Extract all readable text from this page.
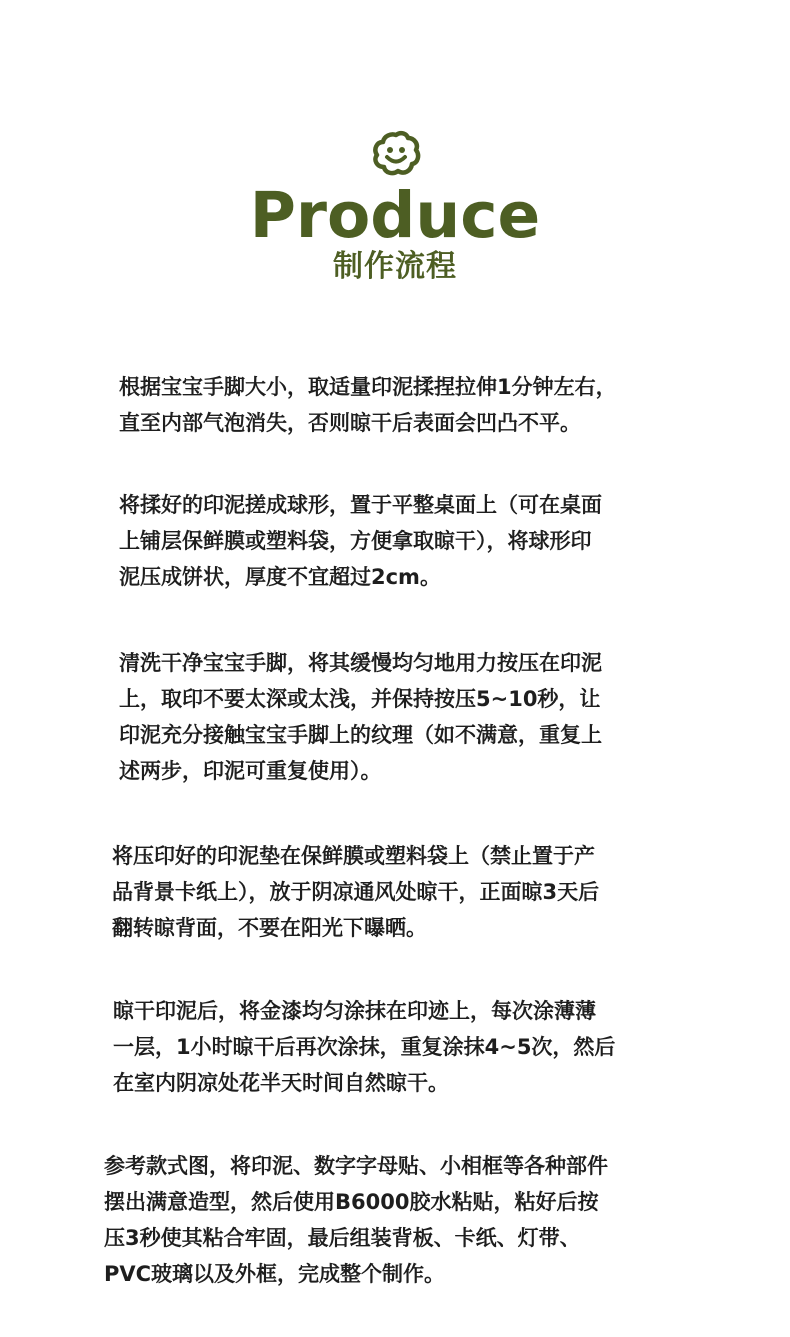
Produce
制作流程

根据宝宝手脚大小，取适量印泥揉捏拉伸1分钟左右，
直至内部气泡消失，否则晾干后表面会凹凸不平。

将揉好的印泥搓成球形，置于平整桌面上（可在桌面
上铺层保鲜膜或塑料袋，方便拿取晾干），将球形印
泥压成饼状，厚度不宜超过2cm。

清洗干净宝宝手脚，将其缓慢均匀地用力按压在印泥
上，取印不要太深或太浅，并保持按压5~10秒，让
印泥充分接触宝宝手脚上的纹理（如不满意，重复上
述两步，印泥可重复使用）。

将压印好的印泥垫在保鲜膜或塑料袋上（禁止置于产
品背景卡纸上），放于阴凉通风处晾干，正面晾3天后
翻转晾背面，不要在阳光下曝晒。

晾干印泥后，将金漆均匀涂抹在印迹上，每次涂薄薄
一层，1小时晾干后再次涂抹，重复涂抹4~5次，然后
在室内阴凉处花半天时间自然晾干。

参考款式图，将印泥、数字字母贴、小相框等各种部件
摆出满意造型，然后使用B6000胶水粘贴，粘好后按
压3秒使其粘合牢固，最后组装背板、卡纸、灯带、
PVC玻璃以及外框，完成整个制作。
